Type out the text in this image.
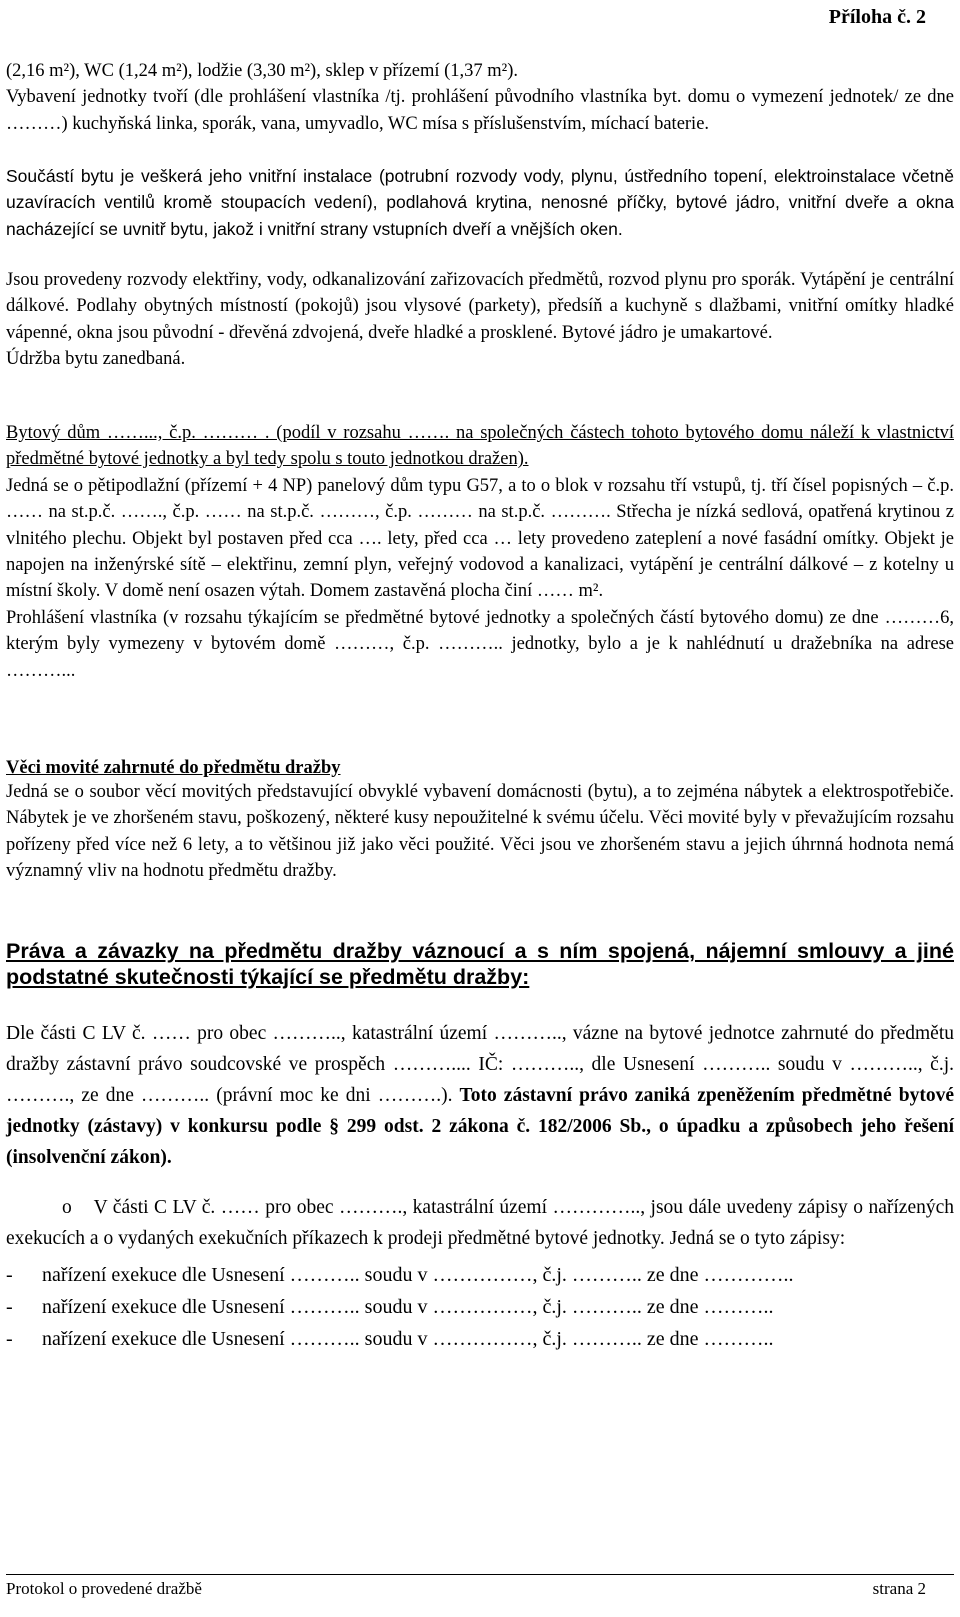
Příloha č. 2

(2,16 m²), WC (1,24 m²), lodžie (3,30 m²), sklep v přízemí (1,37 m²).

Vybavení jednotky tvoří (dle prohlášení vlastníka /tj. prohlášení původního vlastníka byt. domu o vymezení jednotek/ ze dne ………) kuchyňská linka, sporák, vana, umyvadlo, WC mísa s příslušenstvím, míchací baterie.

Součástí bytu je veškerá jeho vnitřní instalace (potrubní rozvody vody, plynu, ústředního topení, elektroinstalace včetně uzavíracích ventilů kromě stoupacích vedení), podlahová krytina, nenosné příčky, bytové jádro, vnitřní dveře a okna nacházející se uvnitř bytu, jakož i vnitřní strany vstupních dveří a vnějších oken.

Jsou provedeny rozvody elektřiny, vody, odkanalizování zařizovacích předmětů, rozvod plynu pro sporák. Vytápění je centrální dálkové. Podlahy obytných místností (pokojů) jsou vlysové (parkety), předsíň a kuchyně s dlažbami, vnitřní omítky hladké vápenné, okna jsou původní - dřevěná zdvojená, dveře hladké a prosklené. Bytové jádro je umakartové.

Údržba bytu zanedbaná.

Bytový dům ……..., č.p. ……… . (podíl v rozsahu ……. na společných částech tohoto bytového domu náleží k vlastnictví předmětné bytové jednotky a byl tedy spolu s touto jednotkou dražen).

Jedná se o pětipodlažní (přízemí + 4 NP) panelový dům typu G57, a to o blok v rozsahu tří vstupů, tj. tří čísel popisných – č.p. …… na st.p.č. ……., č.p. …… na st.p.č. ………, č.p. ……… na st.p.č. ………. Střecha je nízká sedlová, opatřená krytinou z vlnitého plechu. Objekt byl postaven před cca …. lety, před cca … lety provedeno zateplení a nové fasádní omítky. Objekt je napojen na inženýrské sítě – elektřinu, zemní plyn, veřejný vodovod a kanalizaci, vytápění je centrální dálkové – z kotelny u místní školy. V domě není osazen výtah. Domem zastavěná plocha činí …… m².

Prohlášení vlastníka (v rozsahu týkajícím se předmětné bytové jednotky a společných částí bytového domu) ze dne ………6, kterým byly vymezeny v bytovém domě ………, č.p. ……….. jednotky, bylo a je k nahlédnutí u dražebníka na adrese ………...

Věci movité zahrnuté do předmětu dražby

Jedná se o soubor věcí movitých představující obvyklé vybavení domácnosti (bytu), a to zejména nábytek a elektrospotřebiče. Nábytek je ve zhoršeném stavu, poškozený, některé kusy nepoužitelné k svému účelu. Věci movité byly v převažujícím rozsahu pořízeny před více než 6 lety, a to většinou již jako věci použité. Věci jsou ve zhoršeném stavu a jejich úhrnná hodnota nemá významný vliv na hodnotu předmětu dražby.

Práva a závazky na předmětu dražby váznoucí a s ním spojená, nájemní smlouvy a jiné podstatné skutečnosti týkající se předmětu dražby:

Dle části C LV č. …… pro obec ……….., katastrální území ……….., vázne na bytové jednotce zahrnuté do předmětu dražby zástavní právo soudcovské ve prospěch ……….... IČ: ……….., dle Usnesení ……….. soudu v ……….., č.j. ………., ze dne ……….. (právní moc ke dni ……….). Toto zástavní právo zaniká zpeněžením předmětné bytové jednotky (zástavy) v konkursu podle § 299 odst. 2 zákona č. 182/2006 Sb., o úpadku a způsobech jeho řešení (insolvenční zákon).

o V části C LV č. …… pro obec ………., katastrální území ………….., jsou dále uvedeny zápisy o nařízených exekucích a o vydaných exekučních příkazech k prodeji předmětné bytové jednotky. Jedná se o tyto zápisy:

-	nařízení exekuce dle Usnesení ……….. soudu v ……………, č.j. ……….. ze dne …………..
-	nařízení exekuce dle Usnesení ……….. soudu v ……………, č.j. ……….. ze dne ………..
-	nařízení exekuce dle Usnesení ……….. soudu v ……………, č.j. ……….. ze dne ………..
Protokol o provedené dražbě	strana 2
